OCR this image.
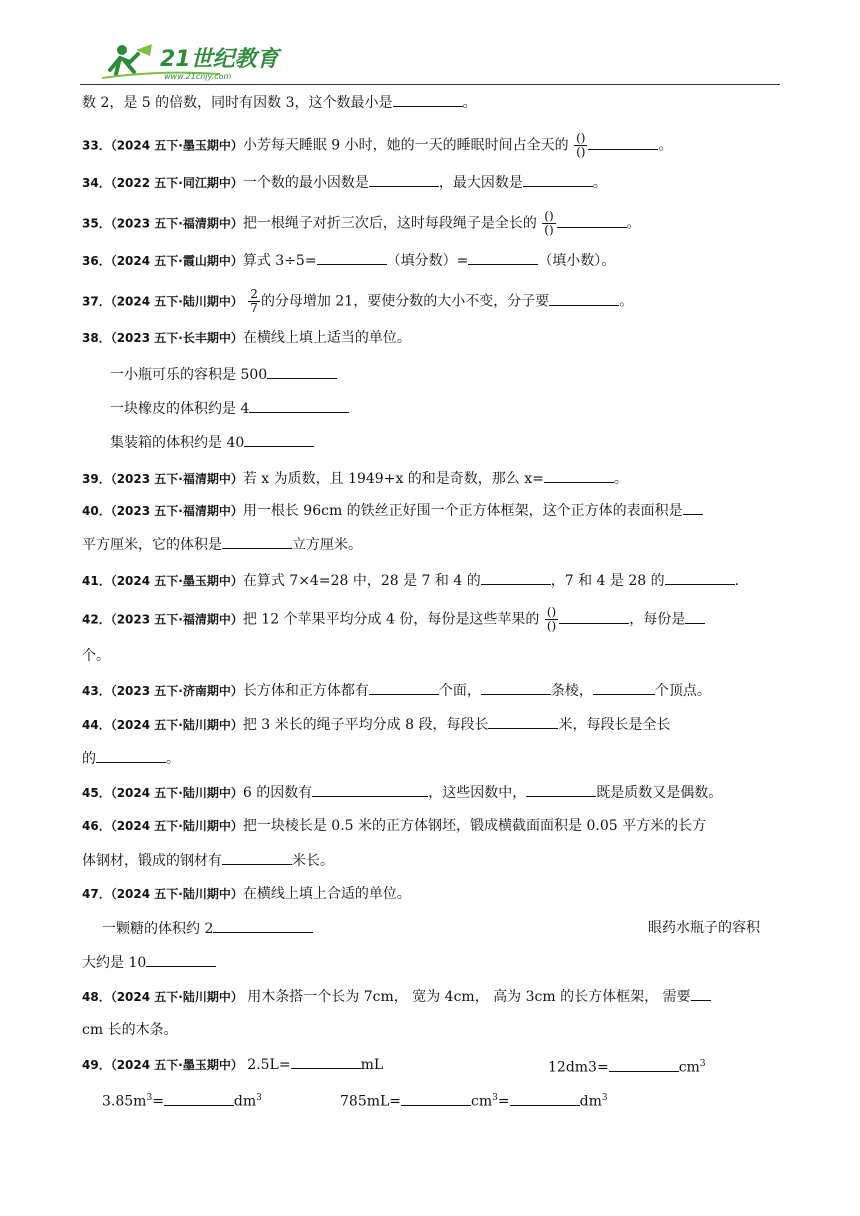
21世纪教育
www.21cnjy.com
数 2，是 5 的倍数，同时有因数 3，这个数最小是	。
33．（2024 五下·墨玉期中）小芳每天睡眠 9 小时，她的一天的睡眠时间占全天的 $\frac{()}{()}$	。
34．（2022 五下·同江期中）一个数的最小因数是	，最大因数是	。
35．（2023 五下·福清期中）把一根绳子对折三次后，这时每段绳子是全长的 $\frac{()}{()}$	。
36．（2024 五下·霞山期中）算式 3÷5=	（填分数）=	（填小数）。
37．（2024 五下·陆川期中） $\frac{2}{7}$ 的分母增加 21，要使分数的大小不变，分子要	。
38．（2023 五下·长丰期中）在横线上填上适当的单位。
一小瓶可乐的容积是 500
一块橡皮的体积约是 4
集装箱的体积约是 40
39．（2023 五下·福清期中）若 x 为质数，且 1949+x 的和是奇数，那么 x=	。
40．（2023 五下·福清期中）用一根长 96cm 的铁丝正好围一个正方体框架，这个正方体的表面积是
平方厘米，它的体积是	立方厘米。
41．（2024 五下·墨玉期中）在算式 7×4=28 中，28 是 7 和 4 的	，7 和 4 是 28 的	.
42．（2023 五下·福清期中）把 12 个苹果平均分成 4 份，每份是这些苹果的 $\frac{()}{()}$	，每份是
个。
43．（2023 五下·济南期中）长方体和正方体都有	个面，	条棱，	个顶点。
44．（2024 五下·陆川期中）把 3 米长的绳子平均分成 8 段，每段长	米，每段长是全长
的	。
45．（2024 五下·陆川期中）6 的因数有	，这些因数中，	既是质数又是偶数。
46．（2024 五下·陆川期中）把一块棱长是 0.5 米的正方体钢坯，锻成横截面面积是 0.05 平方米的长方
体钢材，锻成的钢材有	米长。
47．（2024 五下·陆川期中）在横线上填上合适的单位。
一颗糖的体积约 2	眼药水瓶子的容积
大约是 10
48．（2024 五下·陆川期中） 用木条搭一个长为 7cm， 宽为 4cm， 高为 3cm 的长方体框架， 需要
cm 长的木条。
49．（2024 五下·墨玉期中） 2.5L=	mL	12dm3=	$cm^3$
$3.85m^3=$	$dm^3$	785mL=	$cm^3=$	$dm^3$
